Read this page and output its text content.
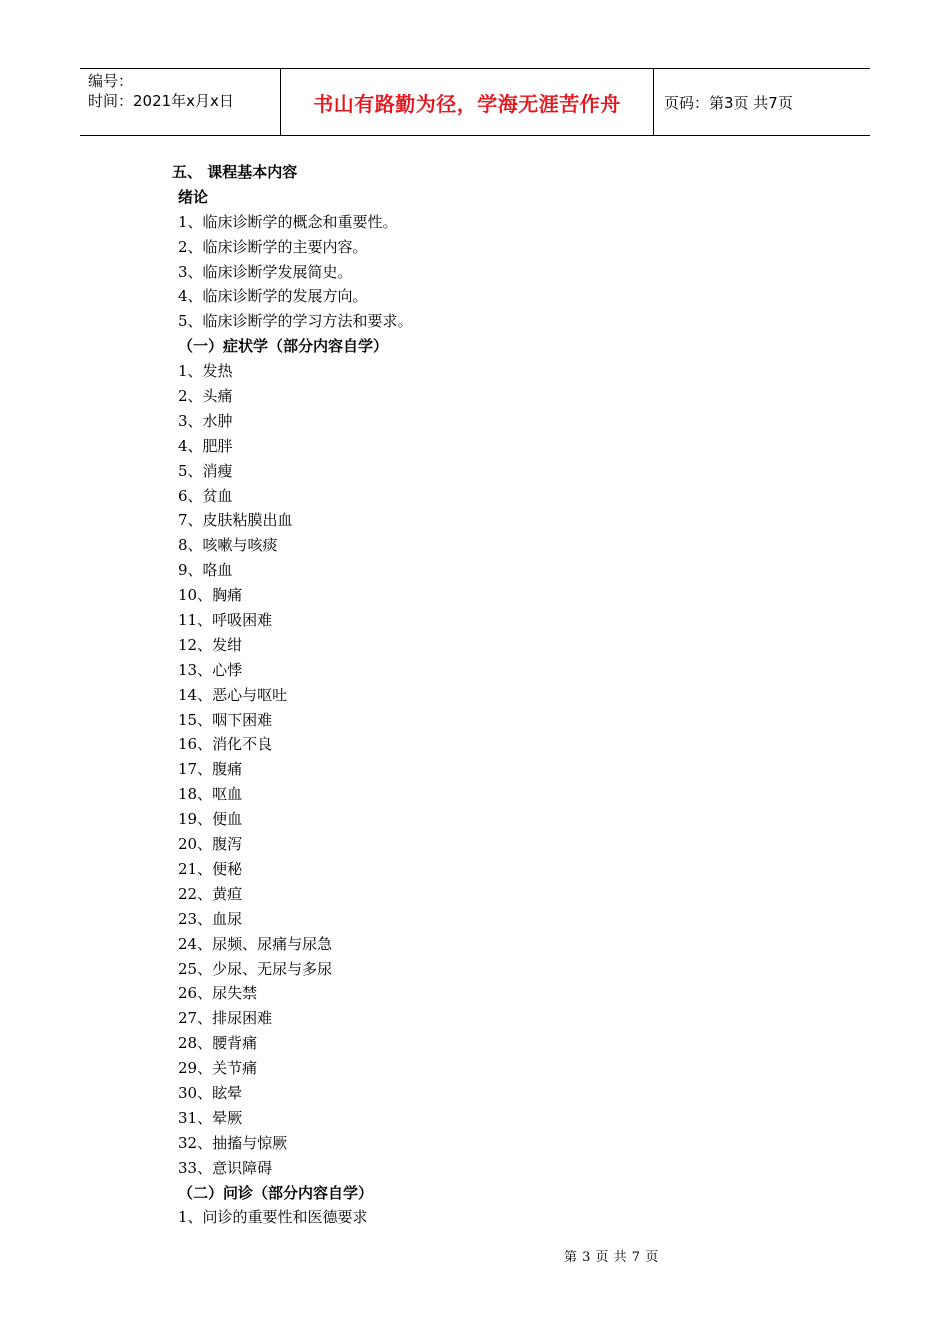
编号：
时间：2021年x月x日	书山有路勤为径，学海无涯苦作舟	页码：第3页 共7页
五、 课程基本内容
绪论
1、临床诊断学的概念和重要性。
2、临床诊断学的主要内容。
3、临床诊断学发展简史。
4、临床诊断学的发展方向。
5、临床诊断学的学习方法和要求。
（一）症状学（部分内容自学）
1、发热
2、头痛
3、水肿
4、肥胖
5、消瘦
6、贫血
7、皮肤粘膜出血
8、咳嗽与咳痰
9、咯血
10、胸痛
11、呼吸困难
12、发绀
13、心悸
14、恶心与呕吐
15、咽下困难
16、消化不良
17、腹痛
18、呕血
19、便血
20、腹泻
21、便秘
22、黄疸
23、血尿
24、尿频、尿痛与尿急
25、少尿、无尿与多尿
26、尿失禁
27、排尿困难
28、腰背痛
29、关节痛
30、眩晕
31、晕厥
32、抽搐与惊厥
33、意识障碍
（二）问诊（部分内容自学）
1、问诊的重要性和医德要求
第 3 页 共 7 页
